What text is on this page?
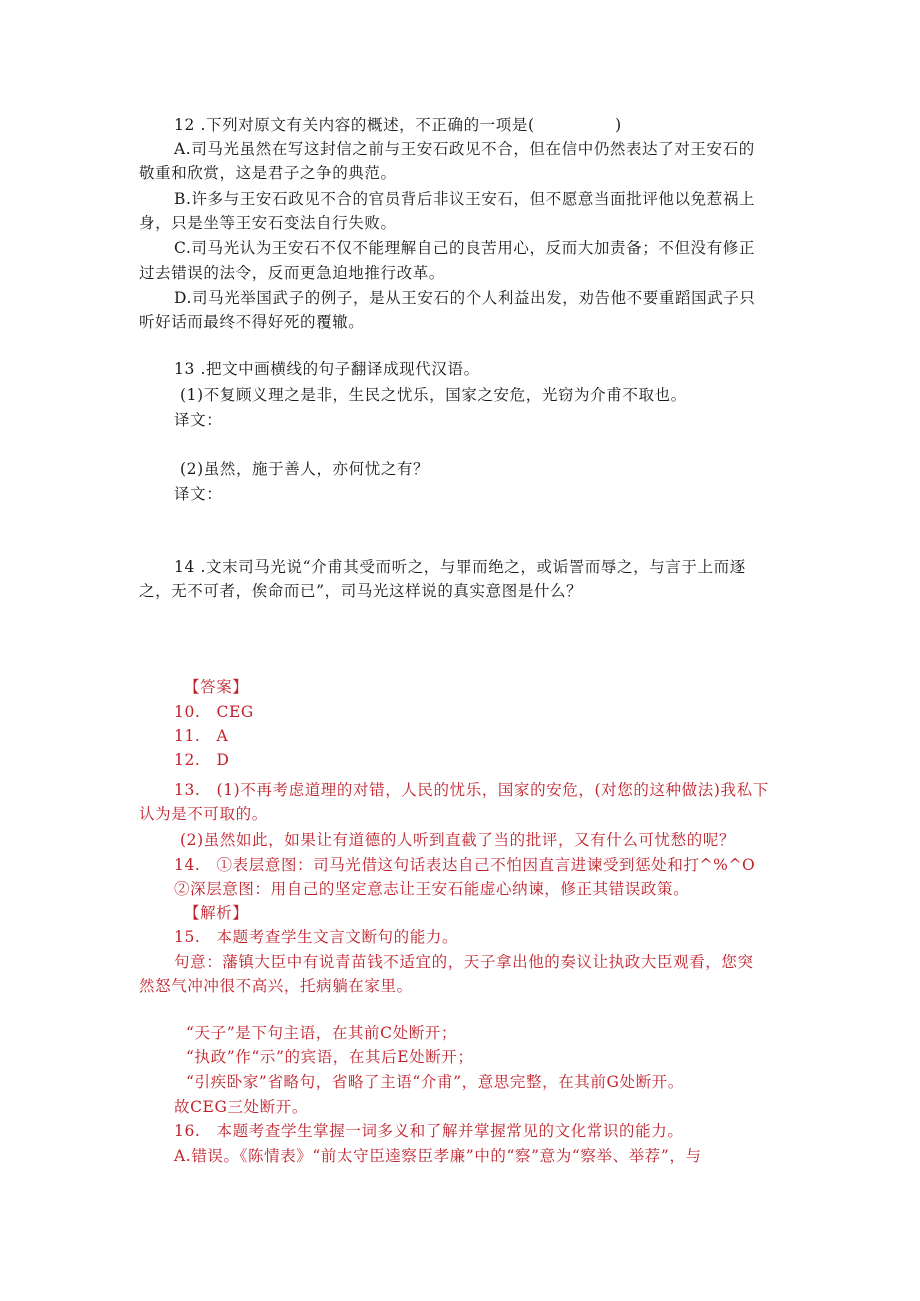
12 .下列对原文有关内容的概述，不正确的一项是(　　　　　)
A.司马光虽然在写这封信之前与王安石政见不合，但在信中仍然表达了对王安石的
敬重和欣赏，这是君子之争的典范。
B.许多与王安石政见不合的官员背后非议王安石，但不愿意当面批评他以免惹祸上
身，只是坐等王安石变法自行失败。
C.司马光认为王安石不仅不能理解自己的良苦用心，反而大加责备；不但没有修正
过去错误的法令，反而更急迫地推行改革。
D.司马光举国武子的例子，是从王安石的个人利益出发，劝告他不要重蹈国武子只
听好话而最终不得好死的覆辙。
13 .把文中画横线的句子翻译成现代汉语。
(1)不复顾义理之是非，生民之忧乐，国家之安危，光窃为介甫不取也。
译文：
(2)虽然，施于善人，亦何忧之有？
译文：
14 .文末司马光说“介甫其受而听之，与罪而绝之，或诟詈而辱之，与言于上而逐
之，无不可者，俟命而已”，司马光这样说的真实意图是什么？
【答案】
10.　CEG
11.　A
12.　D
13.　(1)不再考虑道理的对错，人民的忧乐，国家的安危，(对您的这种做法)我私下
认为是不可取的。
(2)虽然如此，如果让有道德的人听到直截了当的批评，又有什么可忧愁的呢？
14.　①表层意图：司马光借这句话表达自己不怕因直言进谏受到惩处和打^%^O
②深层意图：用自己的坚定意志让王安石能虚心纳谏，修正其错误政策。
【解析】
15.　本题考查学生文言文断句的能力。
句意：藩镇大臣中有说青苗钱不适宜的，天子拿出他的奏议让执政大臣观看，您突
然怒气冲冲很不高兴，托病躺在家里。
“天子”是下句主语，在其前C处断开；
“执政”作“示”的宾语，在其后E处断开；
“引疾卧家”省略句，省略了主语“介甫”，意思完整，在其前G处断开。
故CEG三处断开。
16.　本题考查学生掌握一词多义和了解并掌握常见的文化常识的能力。
A.错误。《陈情表》“前太守臣逵察臣孝廉”中的“察”意为“察举、举荐”，与
